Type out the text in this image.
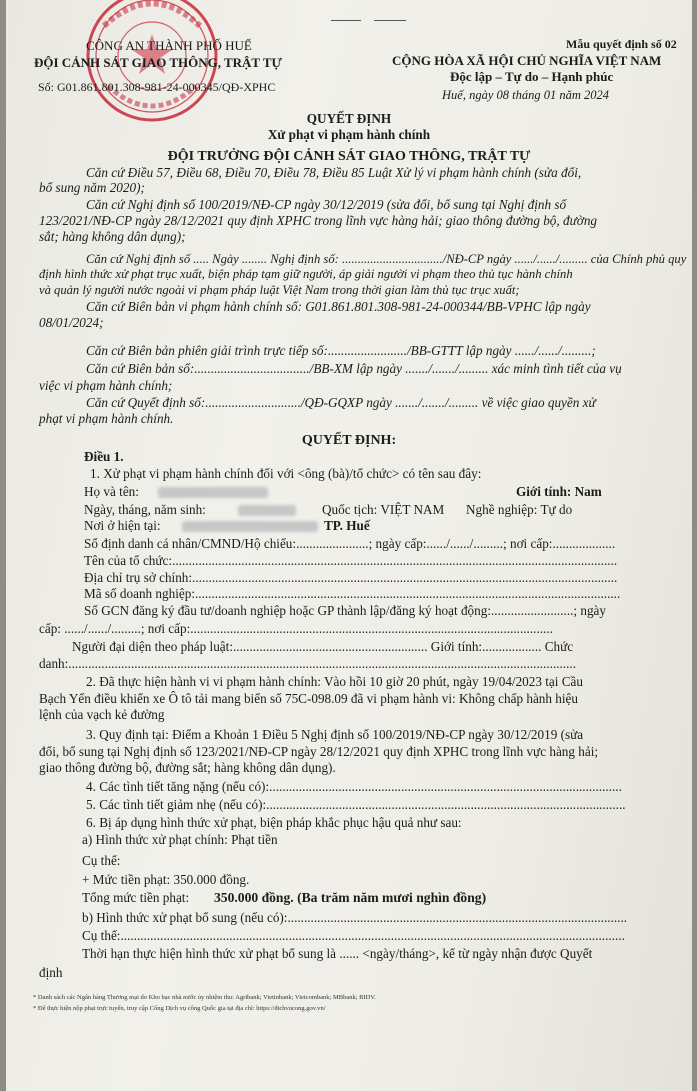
CÔNG AN THÀNH PHỐ HUẾ
ĐỘI CẢNH SÁT GIAO THÔNG, TRẬT TỰ
Số: G01.861.801.308-981-24-000345/QĐ-XPHC
Mẫu quyết định số 02
CỘNG HÒA XÃ HỘI CHỦ NGHĨA VIỆT NAM
Độc lập – Tự do – Hạnh phúc
Huế, ngày 08 tháng 01 năm 2024
QUYẾT ĐỊNH
Xử phạt vi phạm hành chính
ĐỘI TRƯỞNG ĐỘI CẢNH SÁT GIAO THÔNG, TRẬT TỰ
Căn cứ Điều 57, Điều 68, Điều 70, Điều 78, Điều 85 Luật Xử lý vi phạm hành chính (sửa đổi,
bổ sung năm 2020);
Căn cứ Nghị định số 100/2019/NĐ-CP ngày 30/12/2019 (sửa đổi, bổ sung tại Nghị định số
123/2021/NĐ-CP ngày 28/12/2021 quy định XPHC trong lĩnh vực hàng hải; giao thông đường bộ, đường
sắt; hàng không dân dụng);
Căn cứ Nghị định số ..... Ngày ........ Nghị định số: ................................/NĐ-CP ngày ....../....../......... của Chính phủ quy
định hình thức xử phạt trục xuất, biện pháp tạm giữ người, áp giải người vi phạm theo thủ tục hành chính
và quản lý người nước ngoài vi phạm pháp luật Việt Nam trong thời gian làm thủ tục trục xuất;
Căn cứ Biên bản vi phạm hành chính số: G01.861.801.308-981-24-000344/BB-VPHC lập ngày
08/01/2024;
Căn cứ Biên bản phiên giải trình trực tiếp số:......................../BB-GTTT lập ngày ....../....../.........;
Căn cứ Biên bản số:.................................../BB-XM lập ngày ......./......./......... xác minh tình tiết của vụ
việc vi phạm hành chính;
Căn cứ Quyết định số:............................./QĐ-GQXP ngày ......./......./......... về việc giao quyền xử
phạt vi phạm hành chính.
QUYẾT ĐỊNH:
Điều 1.
1. Xử phạt vi phạm hành chính đối với <ông (bà)/tổ chức> có tên sau đây:
Họ và tên:	Giới tính: Nam
Ngày, tháng, năm sinh:	Quốc tịch: VIỆT NAM Nghề nghiệp: Tự do
Nơi ở hiện tại:	TP. Huế
Số định danh cá nhân/CMND/Hộ chiếu:......................; ngày cấp:....../....../.........; nơi cấp:...................
Tên của tổ chức:.......................................................................................................................................
Địa chỉ trụ sở chính:.................................................................................................................................
Mã số doanh nghiệp:.................................................................................................................................
Số GCN đăng ký đầu tư/doanh nghiệp hoặc GP thành lập/đăng ký hoạt động:.........................; ngày
cấp: ....../....../.........; nơi cấp:..............................................................................................................
Người đại diện theo pháp luật:........................................................... Giới tính:.................. Chức
danh:..........................................................................................................................................................
2. Đã thực hiện hành vi vi phạm hành chính: Vào hồi 10 giờ 20 phút, ngày 19/04/2023 tại Cầu
Bạch Yến điều khiển xe Ô tô tải mang biển số 75C-098.09 đã vi phạm hành vi: Không chấp hành hiệu
lệnh của vạch kẻ đường
3. Quy định tại: Điểm a Khoản 1 Điều 5 Nghị định số 100/2019/NĐ-CP ngày 30/12/2019 (sửa
đổi, bổ sung tại Nghị định số 123/2021/NĐ-CP ngày 28/12/2021 quy định XPHC trong lĩnh vực hàng hải;
giao thông đường bộ, đường sắt; hàng không dân dụng).
4. Các tình tiết tăng nặng (nếu có):...........................................................................................................
5. Các tình tiết giảm nhẹ (nếu có):.............................................................................................................
6. Bị áp dụng hình thức xử phạt, biện pháp khắc phục hậu quả như sau:
a) Hình thức xử phạt chính: Phạt tiền
Cụ thể:
+ Mức tiền phạt: 350.000 đồng.
Tổng mức tiền phạt: 350.000 đồng. (Ba trăm năm mươi nghìn đồng)
b) Hình thức xử phạt bổ sung (nếu có):.......................................................................................................
Cụ thể:.........................................................................................................................................................
Thời hạn thực hiện hình thức xử phạt bổ sung là ...... <ngày/tháng>, kể từ ngày nhận được Quyết
định
* Danh sách các Ngân hàng Thương mại do Kho bạc nhà nước ủy nhiệm thu: Agribank; Vietinbank; Vietcombank; MBbank; BIDV.
* Để thực hiện nộp phạt trực tuyến, truy cập Cổng Dịch vụ công Quốc gia tại địa chỉ: https://dichvucong.gov.vn/
